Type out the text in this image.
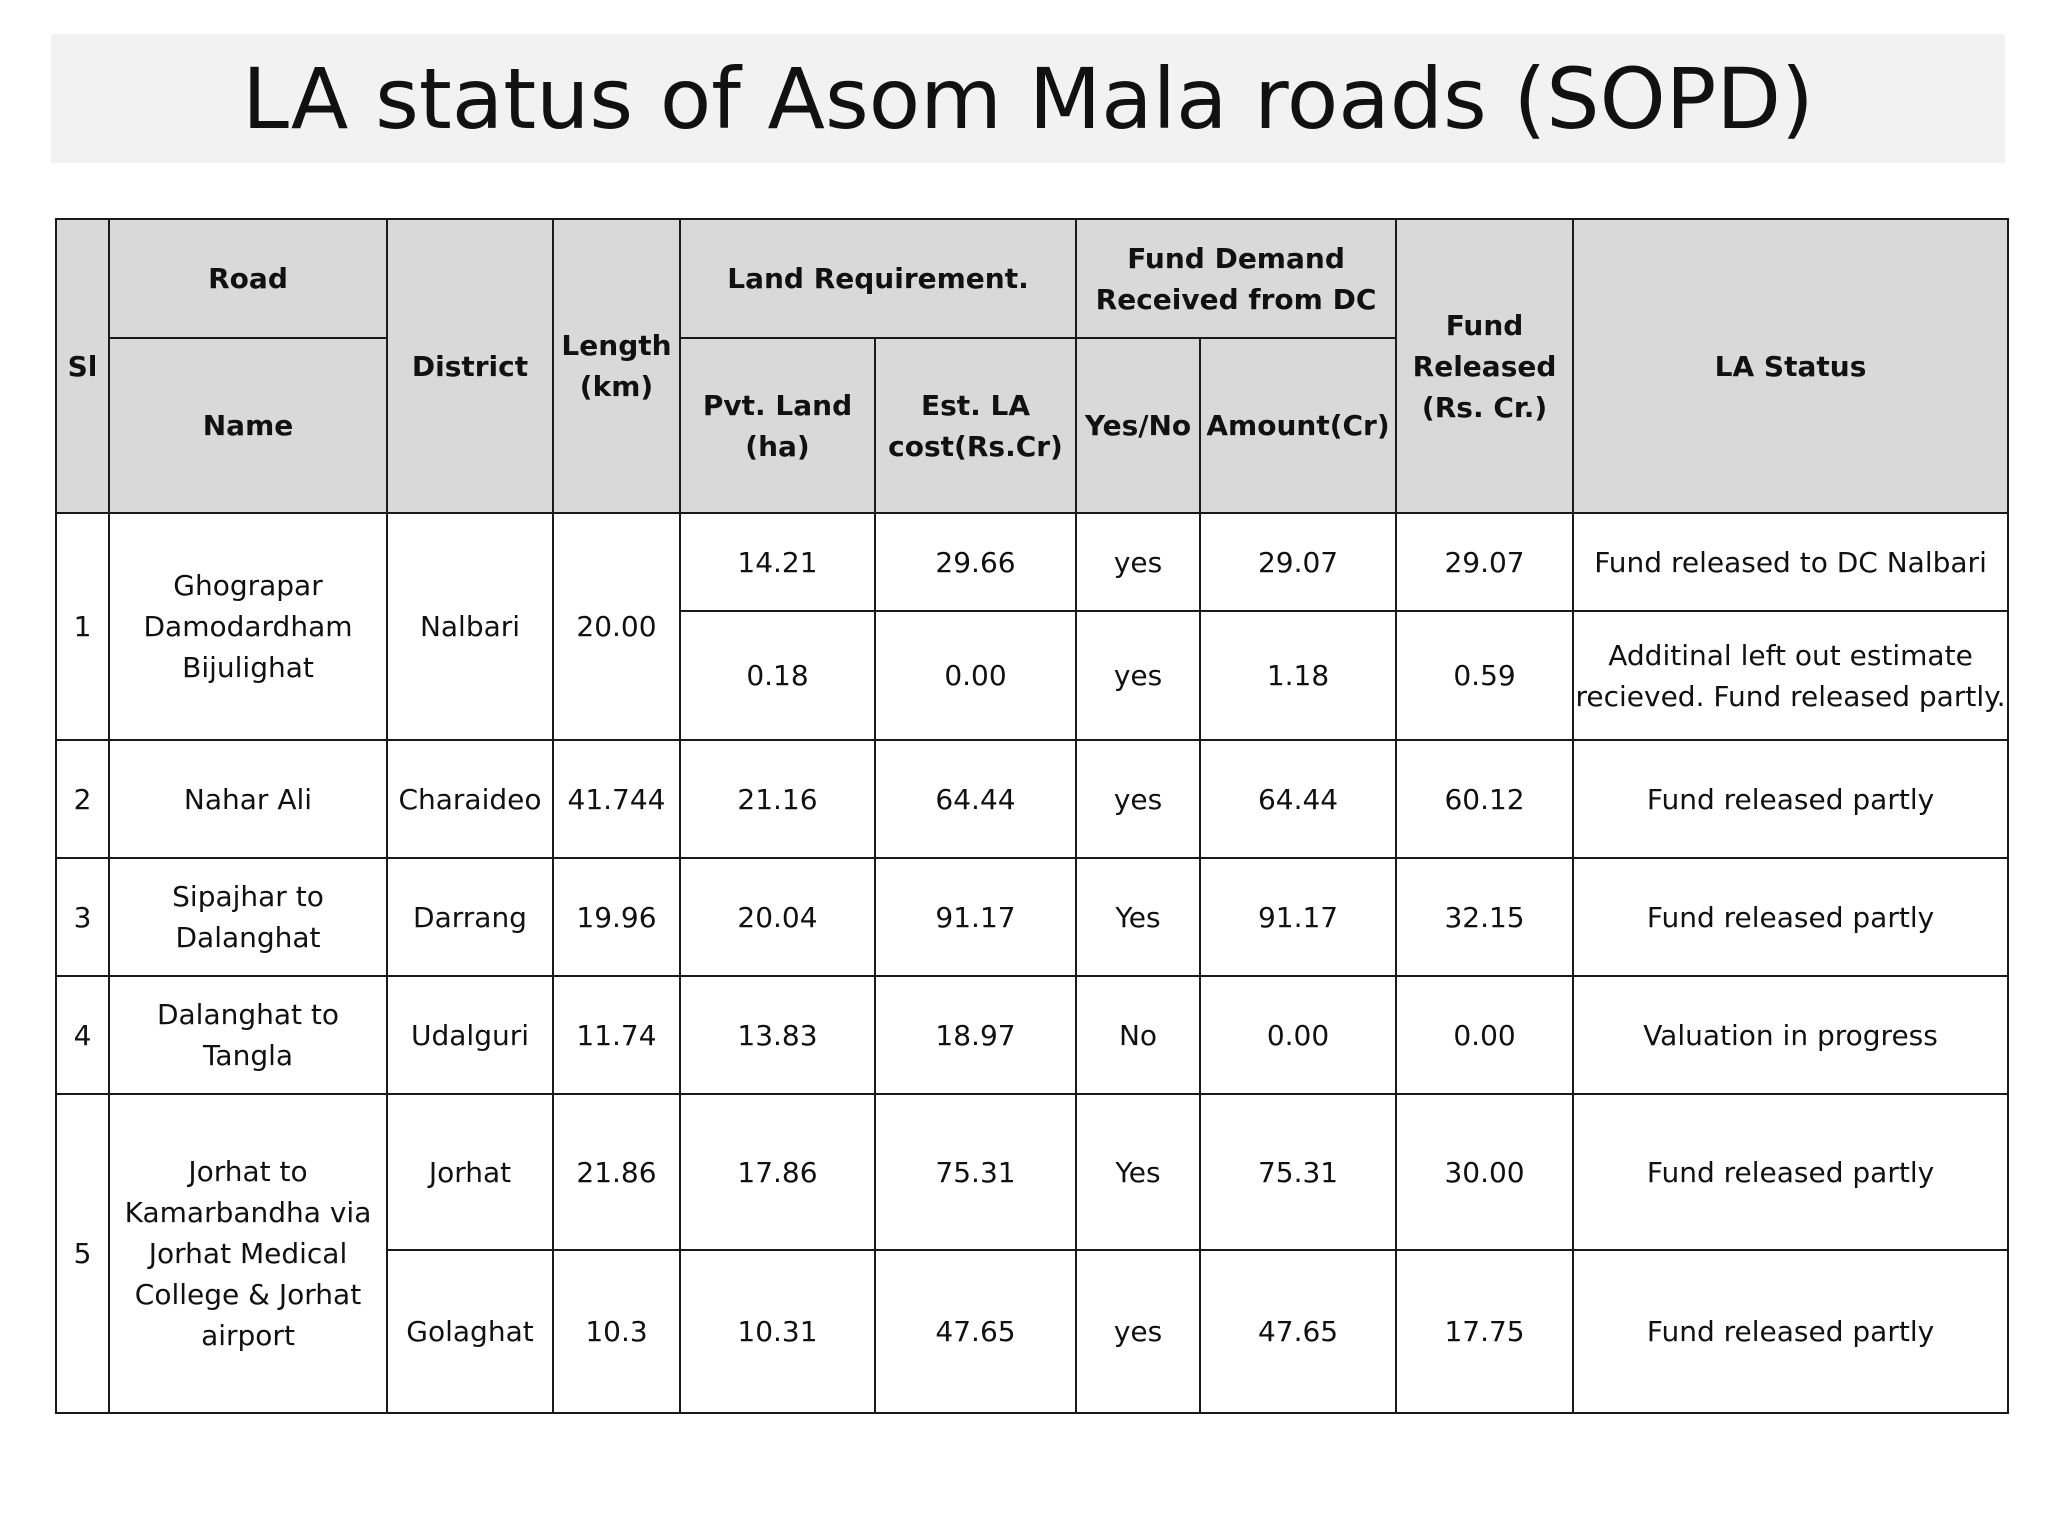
LA status of Asom Mala roads (SOPD)
Sl	Road	District	Length (km)	Land Requirement.		Fund Demand Received from DC		Fund Released (Rs. Cr.)	LA Status
	Name			Pvt. Land (ha)	Est. LA cost(Rs.Cr)	Yes/No	Amount(Cr)		
1	Ghograpar Damodardham Bijulighat	Nalbari	20.00	14.21	29.66	yes	29.07	29.07	Fund released to DC Nalbari
				0.18	0.00	yes	1.18	0.59	Additinal left out estimate recieved. Fund released partly.
2	Nahar Ali	Charaideo	41.744	21.16	64.44	yes	64.44	60.12	Fund released partly
3	Sipajhar to Dalanghat	Darrang	19.96	20.04	91.17	Yes	91.17	32.15	Fund released partly
4	Dalanghat to Tangla	Udalguri	11.74	13.83	18.97	No	0.00	0.00	Valuation in progress
5	Jorhat to Kamarbandha via Jorhat Medical College & Jorhat airport	Jorhat	21.86	17.86	75.31	Yes	75.31	30.00	Fund released partly
		Golaghat	10.3	10.31	47.65	yes	47.65	17.75	Fund released partly
